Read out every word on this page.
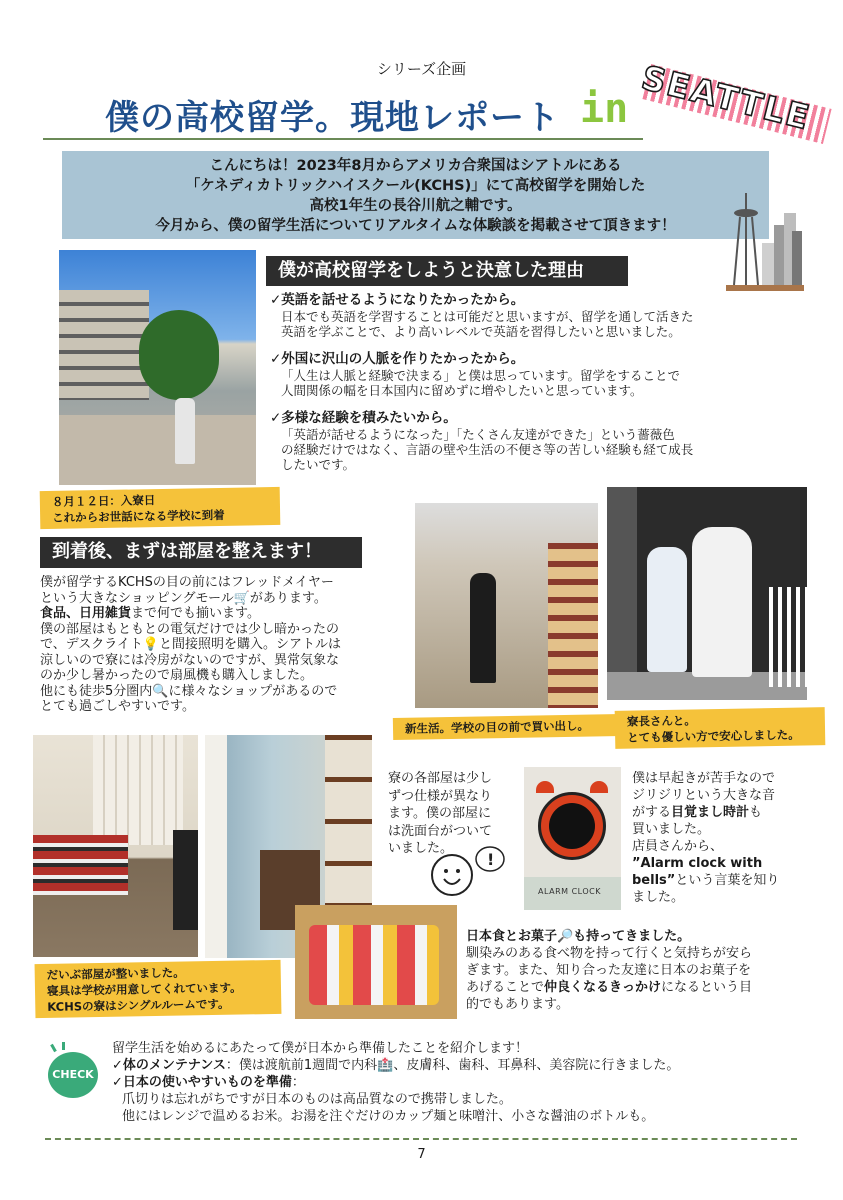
シリーズ企画
僕の高校留学。現地レポート in SEATTLE
こんにちは！2023年8月からアメリカ合衆国はシアトルにある
「ケネディカトリックハイスクール(KCHS)」にて高校留学を開始した
高校1年生の長谷川航之輔です。
今月から、僕の留学生活についてリアルタイムな体験談を掲載させて頂きます！
僕が高校留学をしようと決意した理由
✓英語を話せるようになりたかったから。
日本でも英語を学習することは可能だと思いますが、留学を通して活きた
英語を学ぶことで、より高いレベルで英語を習得したいと思いました。
✓外国に沢山の人脈を作りたかったから。
「人生は人脈と経験で決まる」と僕は思っています。留学をすることで
人間関係の幅を日本国内に留めずに増やしたいと思っています。
✓多様な経験を積みたいから。
「英語が話せるようになった」「たくさん友達ができた」という薔薇色
の経験だけではなく、言語の壁や生活の不便さ等の苦しい経験も経て成長
したいです。
８月１２日：入寮日
これからお世話になる学校に到着
到着後、まずは部屋を整えます！
僕が留学するKCHSの目の前にはフレッドメイヤー
という大きなショッピングモール🛒があります。
食品、日用雑貨まで何でも揃います。
僕の部屋はもともとの電気だけでは少し暗かったの
で、デスクライト💡と間接照明を購入。シアトルは
涼しいので寮には冷房がないのですが、異常気象な
のか少し暑かったので扇風機も購入しました。
他にも徒歩5分圏内🔍に様々なショップがあるので
とても過ごしやすいです。
新生活。学校の目の前で買い出し。	寮長さんと。
とても優しい方で安心しました。
寮の各部屋は少し
ずつ仕様が異なり
ます。僕の部屋に
は洗面台がついて
いました。
!
ALARM CLOCK
僕は早起きが苦手なので
ジリジリという大きな音
がする目覚まし時計も
買いました。
店員さんから、
”Alarm clock with
bells”という言葉を知り
ました。
日本食とお菓子🔎も持ってきました。
馴染みのある食べ物を持って行くと気持ちが安ら
ぎます。また、知り合った友達に日本のお菓子を
あげることで仲良くなるきっかけになるという目
的でもあります。
だいぶ部屋が整いました。
寝具は学校が用意してくれています。
KCHSの寮はシングルルームです。
CHECK
留学生活を始めるにあたって僕が日本から準備したことを紹介します！
✓体のメンテナンス：僕は渡航前1週間で内科🏥、皮膚科、歯科、耳鼻科、美容院に行きました。
✓日本の使いやすいものを準備：
爪切りは忘れがちですが日本のものは高品質なので携帯しました。
他にはレンジで温めるお米。お湯を注ぐだけのカップ麺と味噌汁、小さな醤油のボトルも。
7
